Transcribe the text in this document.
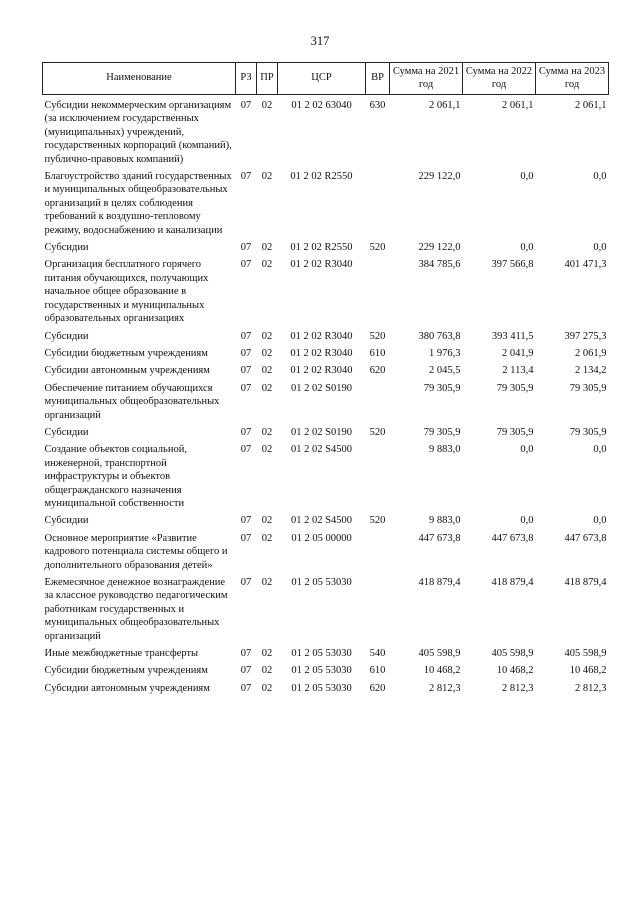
317
Наименование	РЗ	ПР	ЦСР	ВР	Сумма на 2021 год	Сумма на 2022 год	Сумма на 2023 год
Субсидии некоммерческим организациям (за исключением государственных (муниципальных) учреждений, государственных корпораций (компаний), публично-правовых компаний)	07	02	01 2 02 63040	630	2 061,1	2 061,1	2 061,1
Благоустройство зданий государственных и муниципальных общеобразовательных организаций в целях соблюдения требований к воздушно-тепловому режиму, водоснабжению и канализации	07	02	01 2 02 R2550		229 122,0	0,0	0,0
Субсидии	07	02	01 2 02 R2550	520	229 122,0	0,0	0,0
Организация бесплатного горячего питания обучающихся, получающих начальное общее образование в государственных и муниципальных образовательных организациях	07	02	01 2 02 R3040		384 785,6	397 566,8	401 471,3
Субсидии	07	02	01 2 02 R3040	520	380 763,8	393 411,5	397 275,3
Субсидии бюджетным учреждениям	07	02	01 2 02 R3040	610	1 976,3	2 041,9	2 061,9
Субсидии автономным учреждениям	07	02	01 2 02 R3040	620	2 045,5	2 113,4	2 134,2
Обеспечение питанием обучающихся муниципальных общеобразовательных организаций	07	02	01 2 02 S0190		79 305,9	79 305,9	79 305,9
Субсидии	07	02	01 2 02 S0190	520	79 305,9	79 305,9	79 305,9
Создание объектов социальной, инженерной, транспортной инфраструктуры и объектов общегражданского назначения муниципальной собственности	07	02	01 2 02 S4500		9 883,0	0,0	0,0
Субсидии	07	02	01 2 02 S4500	520	9 883,0	0,0	0,0
Основное мероприятие «Развитие кадрового потенциала системы общего и дополнительного образования детей»	07	02	01 2 05 00000		447 673,8	447 673,8	447 673,8
Ежемесячное денежное вознаграждение за классное руководство педагогическим работникам государственных и муниципальных общеобразовательных организаций	07	02	01 2 05 53030		418 879,4	418 879,4	418 879,4
Иные межбюджетные трансферты	07	02	01 2 05 53030	540	405 598,9	405 598,9	405 598,9
Субсидии бюджетным учреждениям	07	02	01 2 05 53030	610	10 468,2	10 468,2	10 468,2
Субсидии автономным учреждениям	07	02	01 2 05 53030	620	2 812,3	2 812,3	2 812,3
